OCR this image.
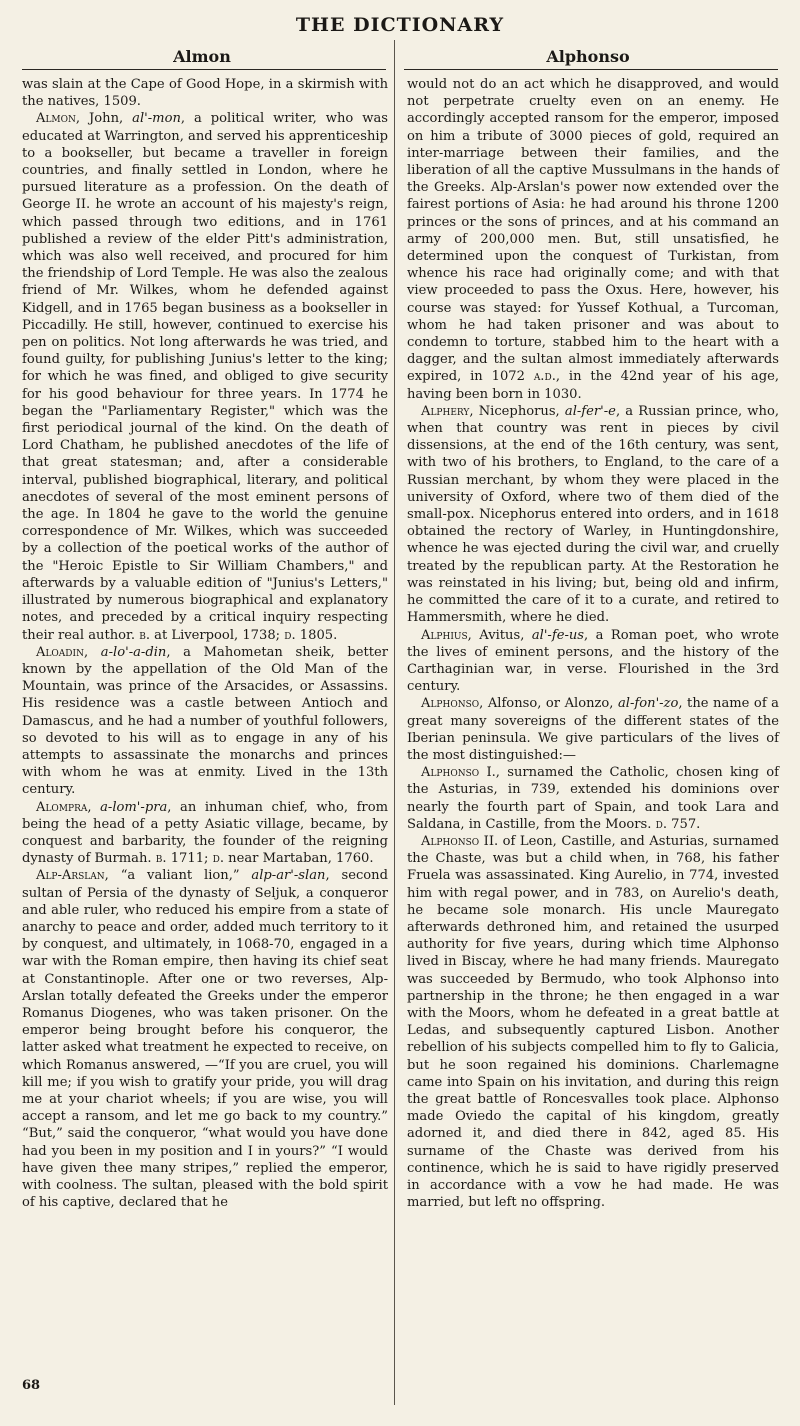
THE DICTIONARY
Almon	Alphonso

was slain at the Cape of Good Hope, in a skirmish with the natives, 1509.

Almon, John, al'-mon, a political writer, who was educated at Warrington, and served his apprenticeship to a bookseller, but became a traveller in foreign countries, and finally settled in London, where he pursued literature as a profession. On the death of George II. he wrote an account of his majesty's reign, which passed through two editions, and in 1761 published a review of the elder Pitt's administration, which was also well received, and procured for him the friendship of Lord Temple. He was also the zealous friend of Mr. Wilkes, whom he defended against Kidgell, and in 1765 began business as a bookseller in Piccadilly. He still, however, continued to exercise his pen on politics. Not long afterwards he was tried, and found guilty, for publishing Junius's letter to the king; for which he was fined, and obliged to give security for his good behaviour for three years. In 1774 he began the "Parliamentary Register," which was the first periodical journal of the kind. On the death of Lord Chatham, he published anecdotes of the life of that great statesman; and, after a considerable interval, published biographical, literary, and political anecdotes of several of the most eminent persons of the age. In 1804 he gave to the world the genuine correspondence of Mr. Wilkes, which was succeeded by a collection of the poetical works of the author of the "Heroic Epistle to Sir William Chambers," and afterwards by a valuable edition of "Junius's Letters," illustrated by numerous biographical and explanatory notes, and preceded by a critical inquiry respecting their real author. b. at Liverpool, 1738; d. 1805.

Aloadin, a-lo'-a-din, a Mahometan sheik, better known by the appellation of the Old Man of the Mountain, was prince of the Arsacides, or Assassins. His residence was a castle between Antioch and Damascus, and he had a number of youthful followers, so devoted to his will as to engage in any of his attempts to assassinate the monarchs and princes with whom he was at enmity. Lived in the 13th century.

Alompra, a-lom'-pra, an inhuman chief, who, from being the head of a petty Asiatic village, became, by conquest and barbarity, the founder of the reigning dynasty of Burmah. b. 1711; d. near Martaban, 1760.

Alp-Arslan, “a valiant lion,” alp-ar'-slan, second sultan of Persia of the dynasty of Seljuk, a conqueror and able ruler, who reduced his empire from a state of anarchy to peace and order, added much territory to it by conquest, and ultimately, in 1068-70, engaged in a war with the Roman empire, then having its chief seat at Constantinople. After one or two reverses, Alp-Arslan totally defeated the Greeks under the emperor Romanus Diogenes, who was taken prisoner. On the emperor being brought before his conqueror, the latter asked what treatment he expected to receive, on which Romanus answered, —“If you are cruel, you will kill me; if you wish to gratify your pride, you will drag me at your chariot wheels; if you are wise, you will accept a ransom, and let me go back to my country.” “But,” said the conqueror, “what would you have done had you been in my position and I in yours?” “I would have given thee many stripes,” replied the emperor, with coolness. The sultan, pleased with the bold spirit of his captive, declared that he

would not do an act which he disapproved, and would not perpetrate cruelty even on an enemy. He accordingly accepted ransom for the emperor, imposed on him a tribute of 3000 pieces of gold, required an inter-marriage between their families, and the liberation of all the captive Mussulmans in the hands of the Greeks. Alp-Arslan's power now extended over the fairest portions of Asia: he had around his throne 1200 princes or the sons of princes, and at his command an army of 200,000 men. But, still unsatisfied, he determined upon the conquest of Turkistan, from whence his race had originally come; and with that view proceeded to pass the Oxus. Here, however, his course was stayed: for Yussef Kothual, a Turcoman, whom he had taken prisoner and was about to condemn to torture, stabbed him to the heart with a dagger, and the sultan almost immediately afterwards expired, in 1072 a.d., in the 42nd year of his age, having been born in 1030.

Alphery, Nicephorus, al-fer'-e, a Russian prince, who, when that country was rent in pieces by civil dissensions, at the end of the 16th century, was sent, with two of his brothers, to England, to the care of a Russian merchant, by whom they were placed in the university of Oxford, where two of them died of the small-pox. Nicephorus entered into orders, and in 1618 obtained the rectory of Warley, in Huntingdonshire, whence he was ejected during the civil war, and cruelly treated by the republican party. At the Restoration he was reinstated in his living; but, being old and infirm, he committed the care of it to a curate, and retired to Hammersmith, where he died.

Alphius, Avitus, al'-fe-us, a Roman poet, who wrote the lives of eminent persons, and the history of the Carthaginian war, in verse. Flourished in the 3rd century.

Alphonso, Alfonso, or Alonzo, al-fon'-zo, the name of a great many sovereigns of the different states of the Iberian peninsula. We give particulars of the lives of the most distinguished:—

Alphonso I., surnamed the Catholic, chosen king of the Asturias, in 739, extended his dominions over nearly the fourth part of Spain, and took Lara and Saldana, in Castille, from the Moors. d. 757.

Alphonso II. of Leon, Castille, and Asturias, surnamed the Chaste, was but a child when, in 768, his father Fruela was assassinated. King Aurelio, in 774, invested him with regal power, and in 783, on Aurelio's death, he became sole monarch. His uncle Mauregato afterwards dethroned him, and retained the usurped authority for five years, during which time Alphonso lived in Biscay, where he had many friends. Mauregato was succeeded by Bermudo, who took Alphonso into partnership in the throne; he then engaged in a war with the Moors, whom he defeated in a great battle at Ledas, and subsequently captured Lisbon. Another rebellion of his subjects compelled him to fly to Galicia, but he soon regained his dominions. Charlemagne came into Spain on his invitation, and during this reign the great battle of Roncesvalles took place. Alphonso made Oviedo the capital of his kingdom, greatly adorned it, and died there in 842, aged 85. His surname of the Chaste was derived from his continence, which he is said to have rigidly preserved in accordance with a vow he had made. He was married, but left no offspring.

68
